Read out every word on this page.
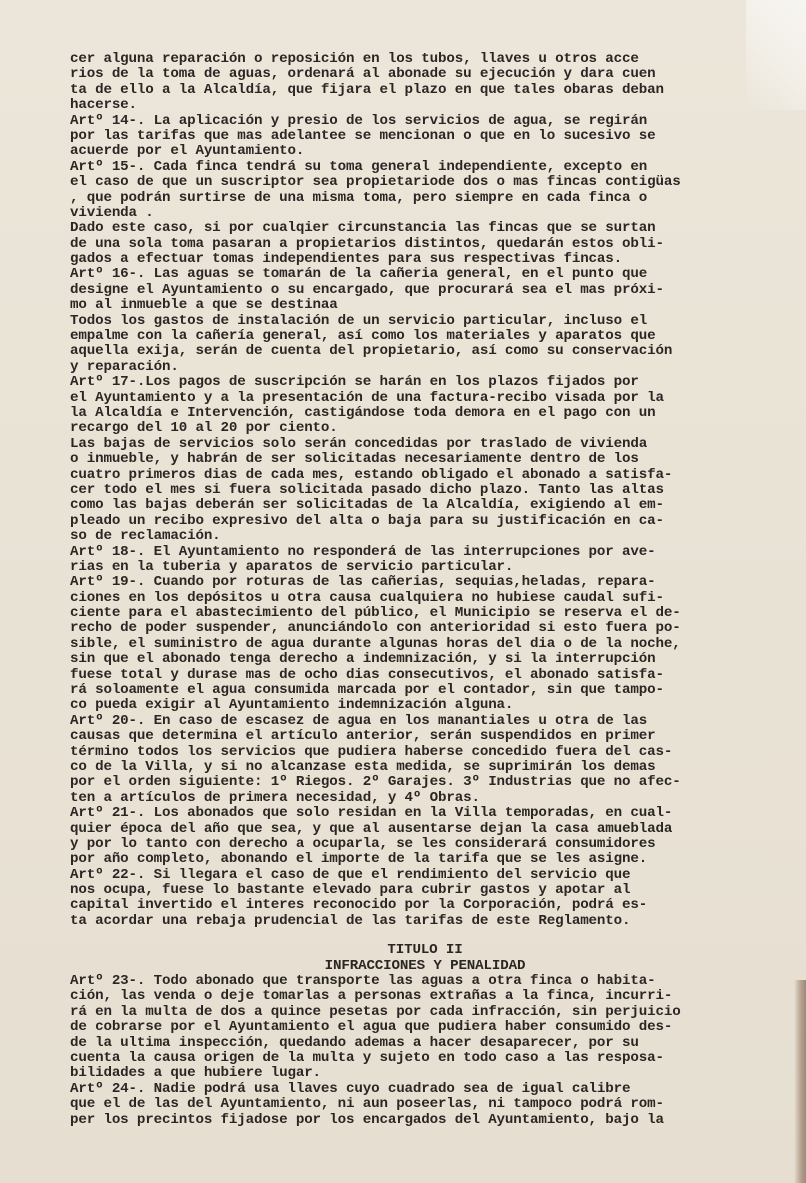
cer alguna reparación o reposición en los tubos, llaves u otros acce
rios de la toma de aguas, ordenará al abonade su ejecución y dara cuen
ta de ello a la Alcaldía, que fijara el plazo en que tales obaras deban
hacerse.
Artº 14-. La aplicación y presio de los servicios de agua, se regirán
por las tarifas que mas adelantee se mencionan o que en lo sucesivo se
acuerde por el Ayuntamiento.
Artº 15-. Cada finca tendrá su toma general independiente, excepto en
el caso de que un suscriptor sea propietariode dos o mas fincas contigüas
, que podrán surtirse de una misma toma, pero siempre en cada finca o
vivienda .
Dado este caso, si por cualqier circunstancia las fincas que se surtan
de una sola toma pasaran a propietarios distintos, quedarán estos obli-
gados a efectuar tomas independientes para sus respectivas fincas.
Artº 16-. Las aguas se tomarán de la cañeria general, en el punto que
designe el Ayuntamiento o su encargado, que procurará sea el mas próxi-
mo al inmueble a que se destinaa
Todos los gastos de instalación de un servicio particular, incluso el
empalme con la cañería general, así como los materiales y aparatos que
aquella exija, serán de cuenta del propietario, así como su conservación
y reparación.
Artº 17-.Los pagos de suscripción se harán en los plazos fijados por
el Ayuntamiento y a la presentación de una factura-recibo visada por la
la Alcaldía e Intervención, castigándose toda demora en el pago con un
recargo del 10 al 20 por ciento.
Las bajas de servicios solo serán concedidas por traslado de vivienda
o inmueble, y habrán de ser solicitadas necesariamente dentro de los
cuatro primeros dias de cada mes, estando obligado el abonado a satisfa-
cer todo el mes si fuera solicitada pasado dicho plazo. Tanto las altas
como las bajas deberán ser solicitadas de la Alcaldía, exigiendo al em-
pleado un recibo expresivo del alta o baja para su justificación en ca-
so de reclamación.
Artº 18-. El Ayuntamiento no responderá de las interrupciones por ave-
rias en la tuberia y aparatos de servicio particular.
Artº 19-. Cuando por roturas de las cañerias, sequias,heladas, repara-
ciones en los depósitos u otra causa cualquiera no hubiese caudal sufi-
ciente para el abastecimiento del público, el Municipio se reserva el de-
recho de poder suspender, anunciándolo con anterioridad si esto fuera po-
sible, el suministro de agua durante algunas horas del dia o de la noche,
sin que el abonado tenga derecho a indemnización, y si la interrupción
fuese total y durase mas de ocho dias consecutivos, el abonado satisfa-
rá soloamente el agua consumida marcada por el contador, sin que tampo-
co pueda exigir al Ayuntamiento indemnización alguna.
Artº 20-. En caso de escasez de agua en los manantiales u otra de las
causas que determina el artículo anterior, serán suspendidos en primer
término todos los servicios que pudiera haberse concedido fuera del cas-
co de la Villa, y si no alcanzase esta medida, se suprimirán los demas
por el orden siguiente: 1º Riegos. 2º Garajes. 3º Industrias que no afec-
ten a artículos de primera necesidad, y 4º Obras.
Artº 21-. Los abonados que solo residan en la Villa temporadas, en cual-
quier época del año que sea, y que al ausentarse dejan la casa amueblada
y por lo tanto con derecho a ocuparla, se les considerará consumidores
por año completo, abonando el importe de la tarifa que se les asigne.
Artº 22-. Si llegara el caso de que el rendimiento del servicio que
nos ocupa, fuese lo bastante elevado para cubrir gastos y apotar al
capital invertido el interes reconocido por la Corporación, podrá es-
ta acordar una rebaja prudencial de las tarifas de este Reglamento.
TITULO II
INFRACCIONES Y PENALIDAD
Artº 23-. Todo abonado que transporte las aguas a otra finca o habita-
ción, las venda o deje tomarlas a personas extrañas a la finca, incurri-
rá en la multa de dos a quince pesetas por cada infracción, sin perjuicio
de cobrarse por el Ayuntamiento el agua que pudiera haber consumido des-
de la ultima inspección, quedando ademas a hacer desaparecer, por su
cuenta la causa origen de la multa y sujeto en todo caso a las resposa-
bilidades a que hubiere lugar.
Artº 24-. Nadie podrá usa llaves cuyo cuadrado sea de igual calibre
que el de las del Ayuntamiento, ni aun poseerlas, ni tampoco podrá rom-
per los precintos fijadose por los encargados del Ayuntamiento, bajo la
